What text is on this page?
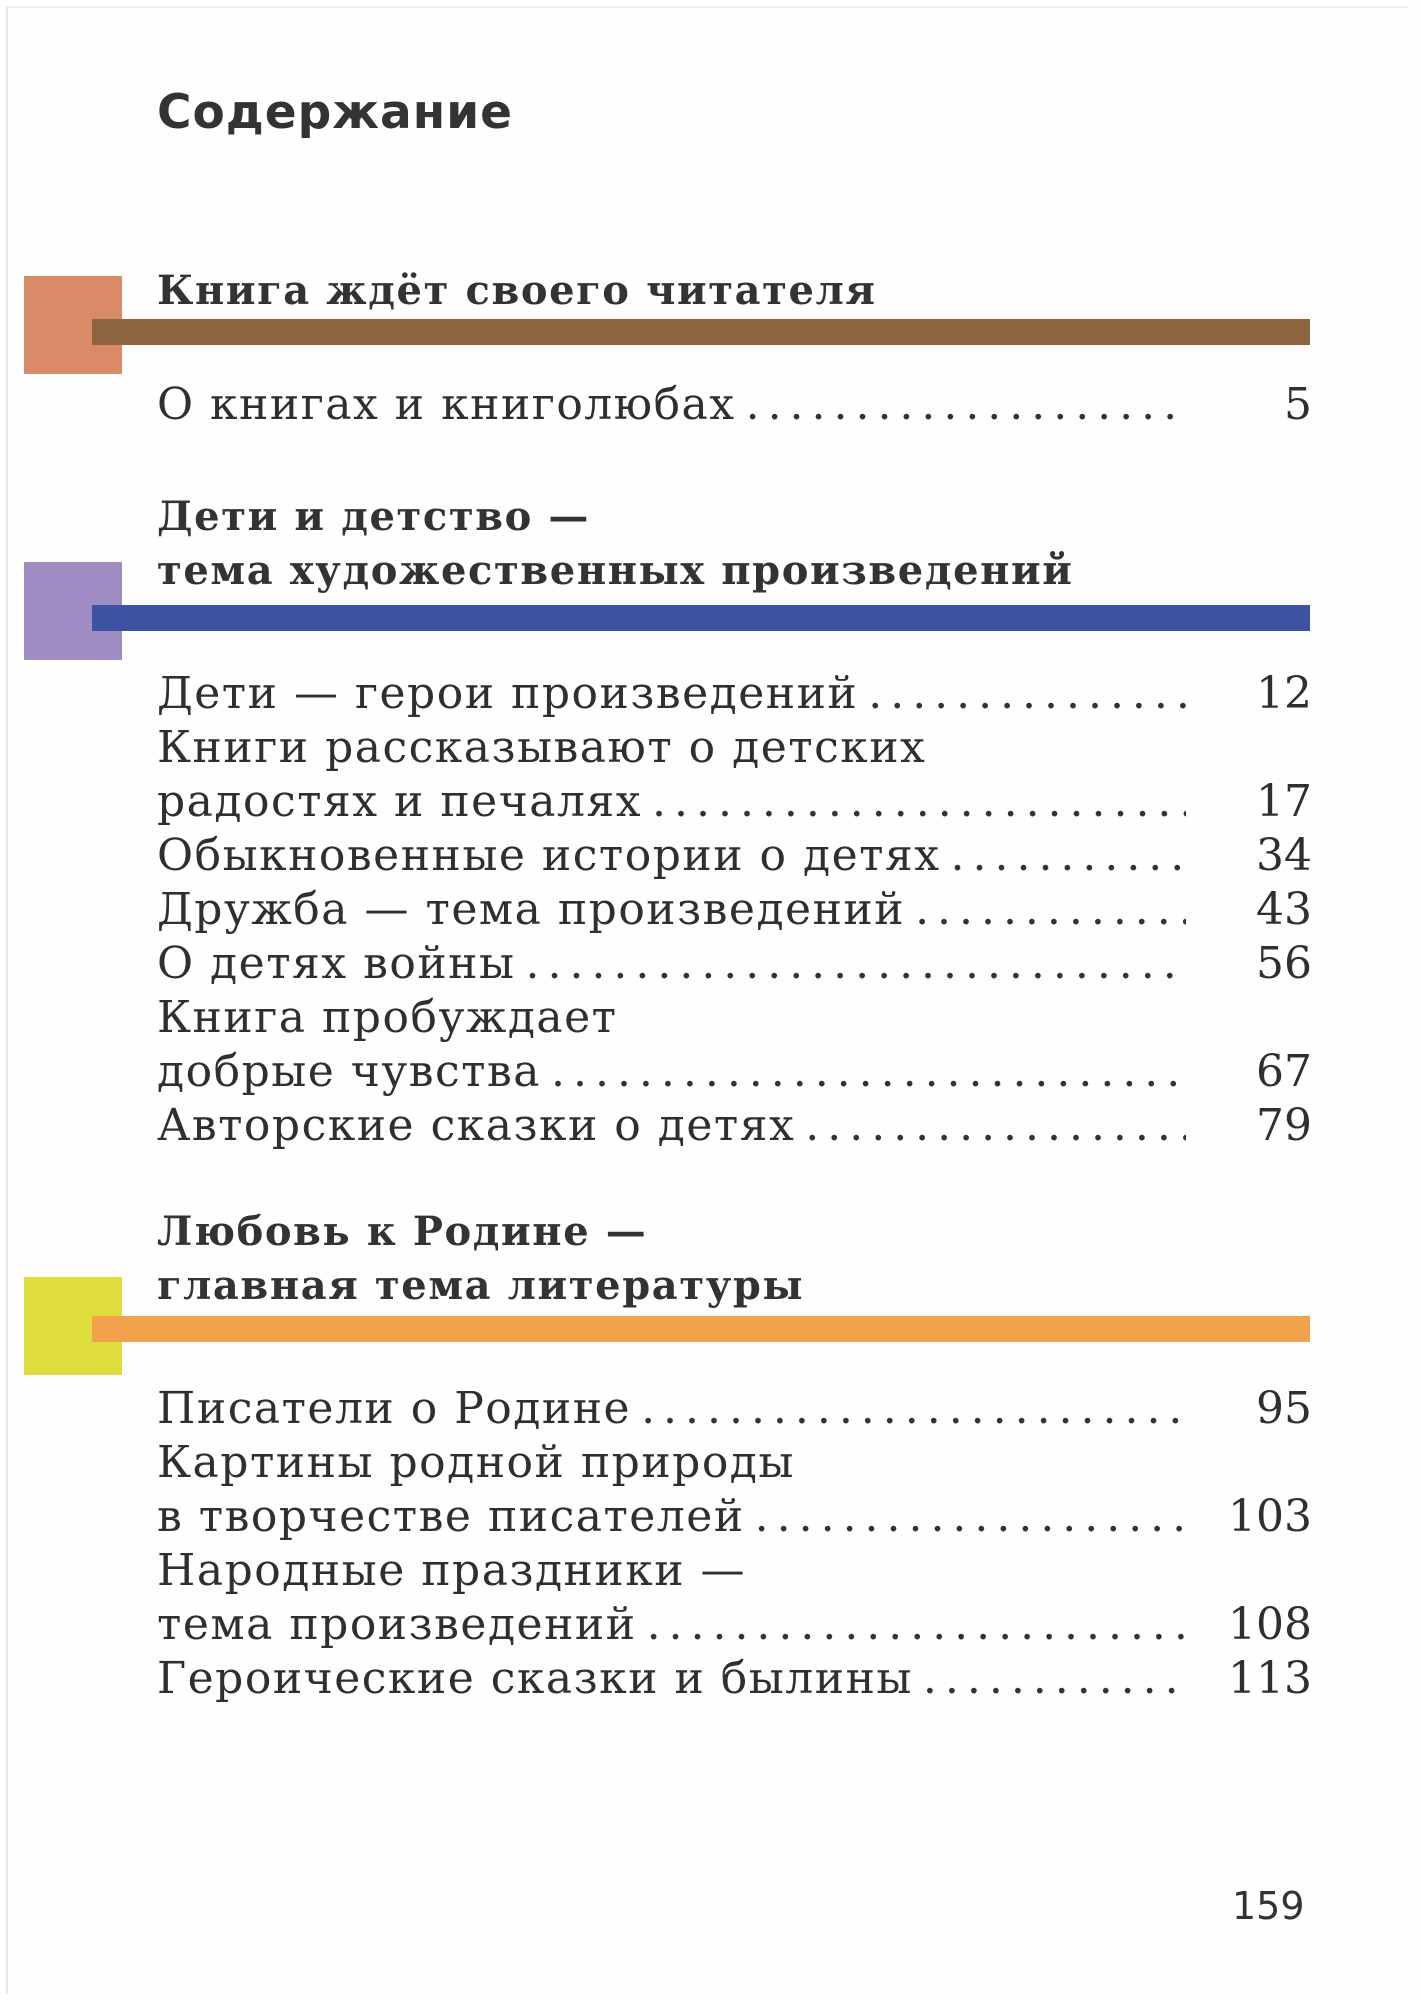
Содержание
Книга ждёт своего читателя
О книгах и книголюбах . . .	5
Дети и детство —
тема художественных произведений
Дети — герои произведений . . .	12
Книги рассказывают о детских
радостях и печалях . . .	17
Обыкновенные истории о детях . . .	34
Дружба — тема произведений . . .	43
О детях войны . . .	56
Книга пробуждает
добрые чувства . . .	67
Авторские сказки о детях . . .	79
Любовь к Родине —
главная тема литературы
Писатели о Родине . . .	95
Картины родной природы
в творчестве писателей . . .	103
Народные праздники —
тема произведений . . .	108
Героические сказки и былины . . .	113
159
